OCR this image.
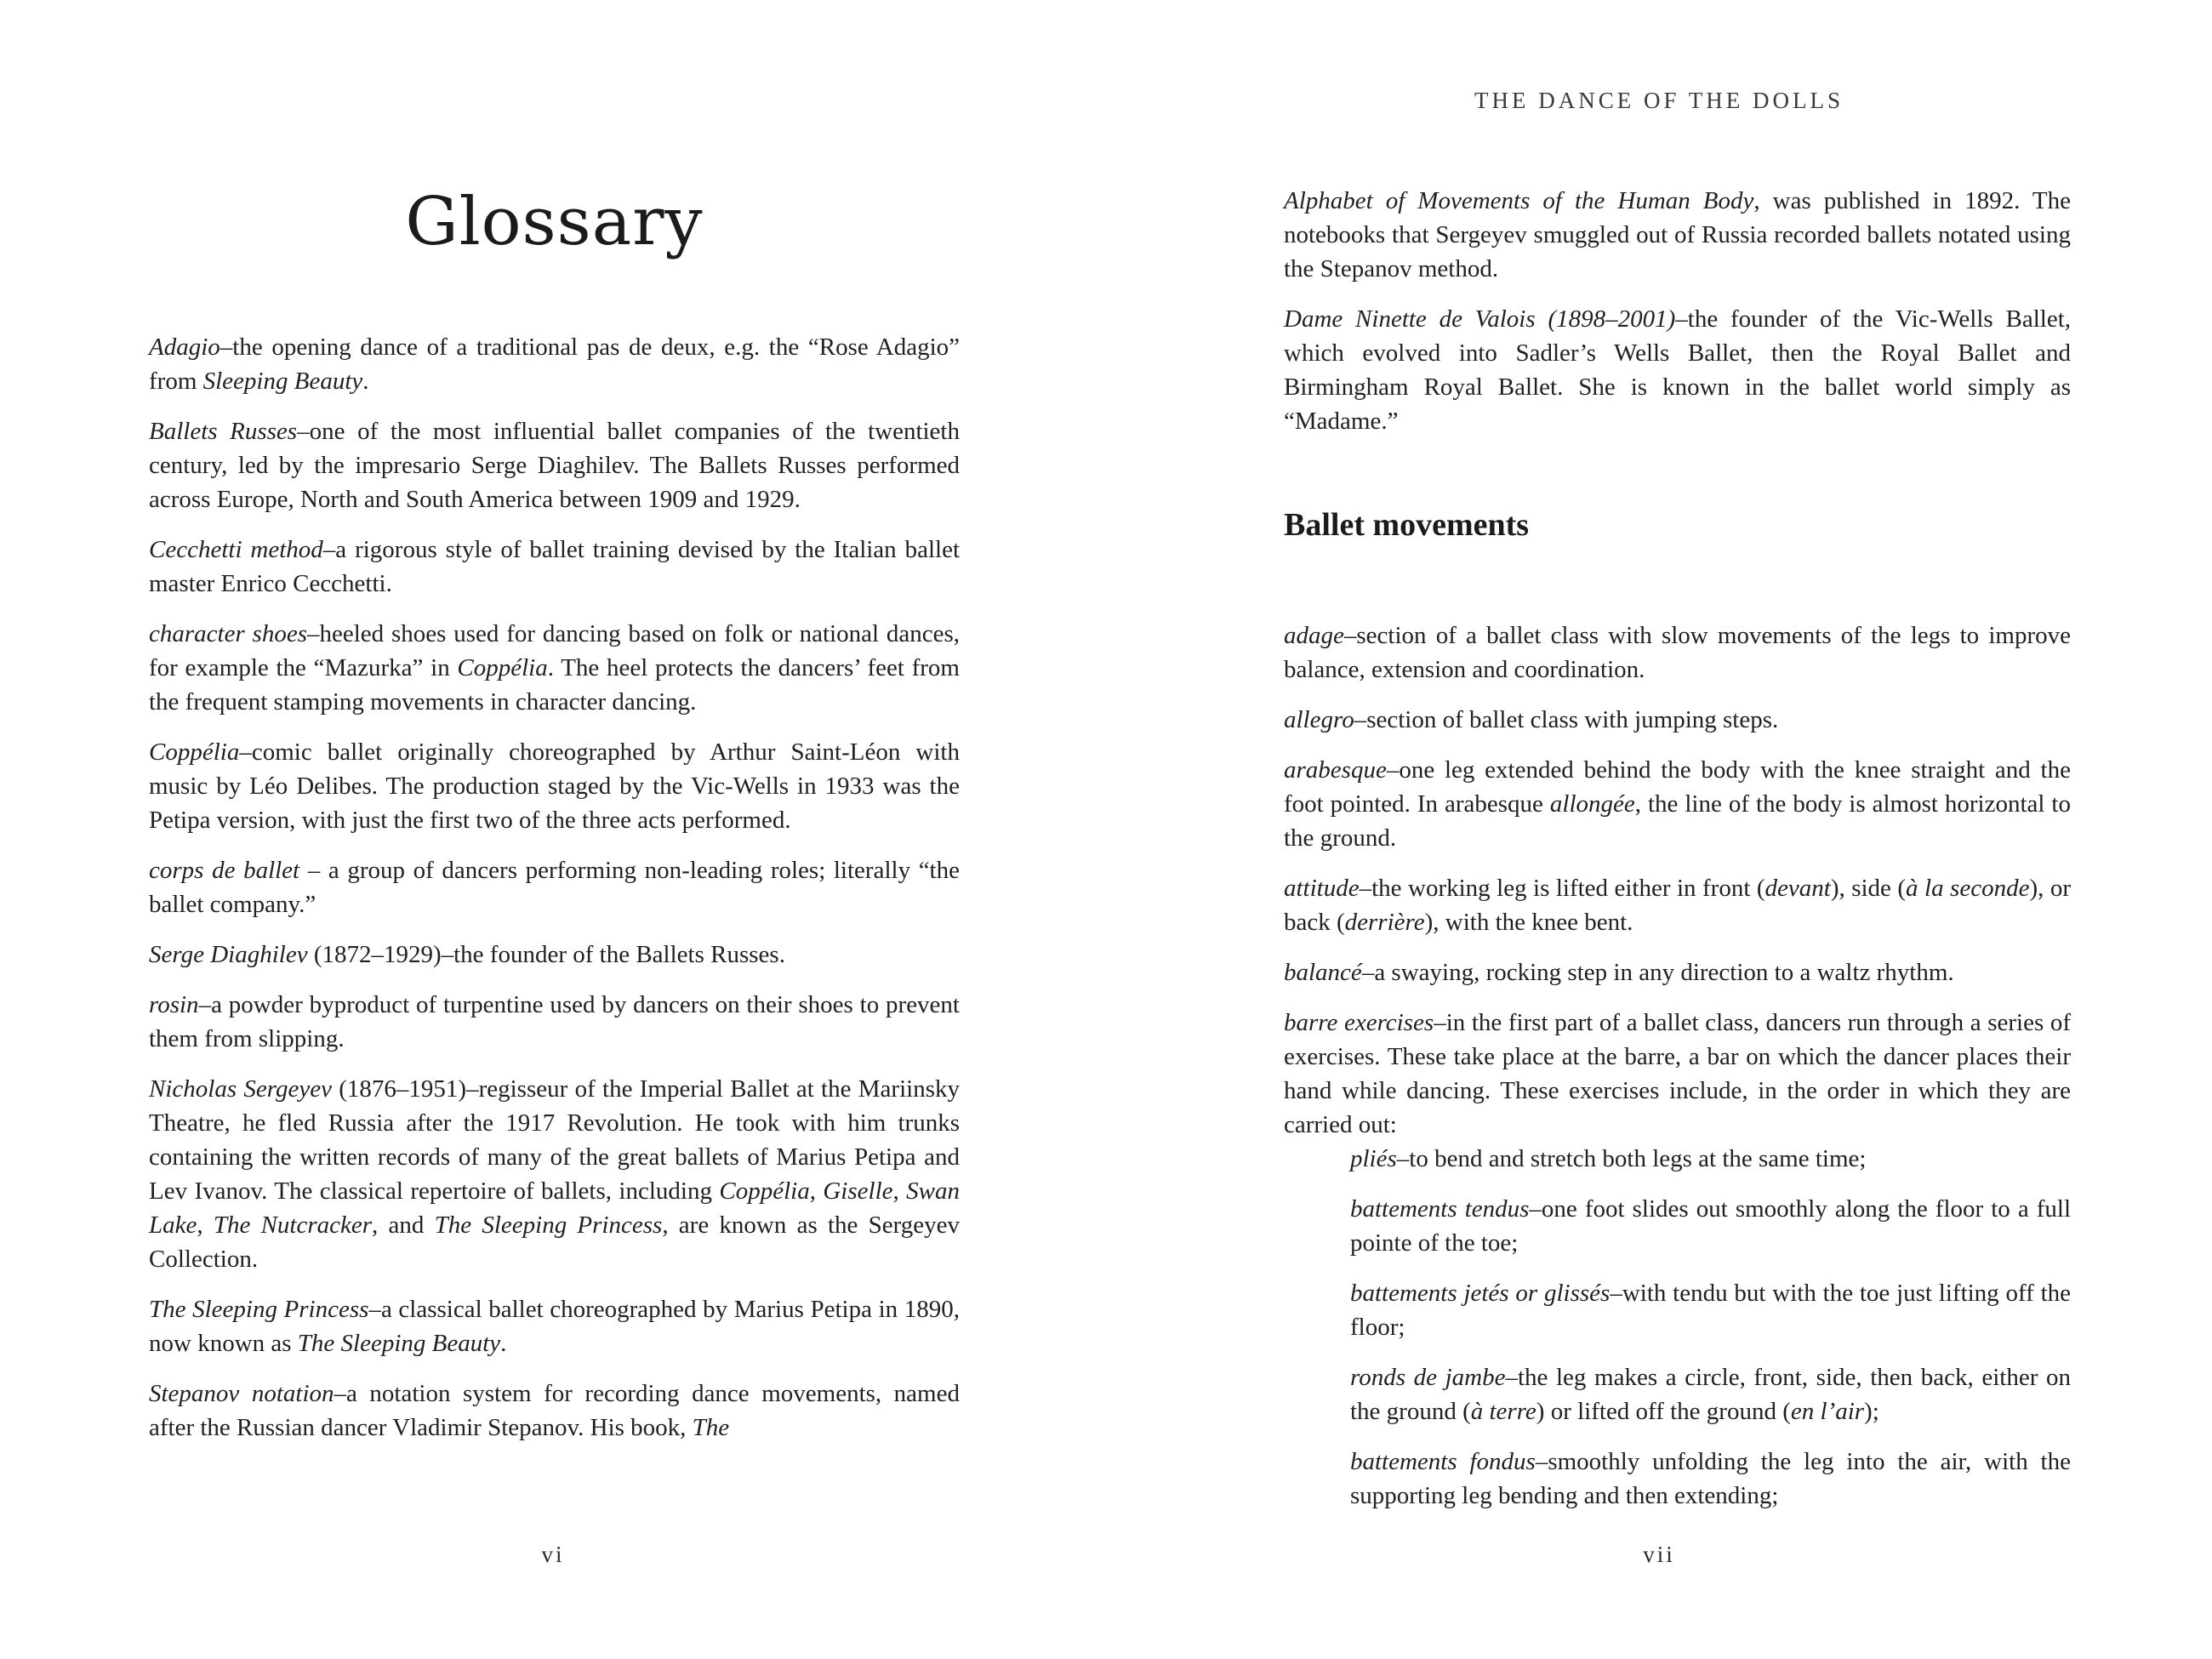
Glossary

Adagio–the opening dance of a traditional pas de deux, e.g. the “Rose Adagio” from Sleeping Beauty.

Ballets Russes–one of the most influential ballet companies of the twentieth century, led by the impresario Serge Diaghilev. The Ballets Russes performed across Europe, North and South America between 1909 and 1929.

Cecchetti method–a rigorous style of ballet training devised by the Italian ballet master Enrico Cecchetti.

character shoes–heeled shoes used for dancing based on folk or national dances, for example the “Mazurka” in Coppélia. The heel protects the dancers’ feet from the frequent stamping movements in character dancing.

Coppélia–comic ballet originally choreographed by Arthur Saint-Léon with music by Léo Delibes. The production staged by the Vic-Wells in 1933 was the Petipa version, with just the first two of the three acts performed.

corps de ballet – a group of dancers performing non-leading roles; literally “the ballet company.”

Serge Diaghilev (1872–1929)–the founder of the Ballets Russes.

rosin–a powder byproduct of turpentine used by dancers on their shoes to prevent them from slipping.

Nicholas Sergeyev (1876–1951)–regisseur of the Imperial Ballet at the Mariinsky Theatre, he fled Russia after the 1917 Revolution. He took with him trunks containing the written records of many of the great ballets of Marius Petipa and Lev Ivanov. The classical repertoire of ballets, including Coppélia, Giselle, Swan Lake, The Nutcracker, and The Sleeping Princess, are known as the Sergeyev Collection.

The Sleeping Princess–a classical ballet choreographed by Marius Petipa in 1890, now known as The Sleeping Beauty.

Stepanov notation–a notation system for recording dance movements, named after the Russian dancer Vladimir Stepanov. His book, The

vi
THE DANCE OF THE DOLLS

Alphabet of Movements of the Human Body, was published in 1892. The notebooks that Sergeyev smuggled out of Russia recorded ballets notated using the Stepanov method.

Dame Ninette de Valois (1898–2001)–the founder of the Vic-Wells Ballet, which evolved into Sadler’s Wells Ballet, then the Royal Ballet and Birmingham Royal Ballet. She is known in the ballet world simply as “Madame.”

Ballet movements

adage–section of a ballet class with slow movements of the legs to improve balance, extension and coordination.

allegro–section of ballet class with jumping steps.

arabesque–one leg extended behind the body with the knee straight and the foot pointed. In arabesque allongée, the line of the body is almost horizontal to the ground.

attitude–the working leg is lifted either in front (devant), side (à la seconde), or back (derrière), with the knee bent.

balancé–a swaying, rocking step in any direction to a waltz rhythm.

barre exercises–in the first part of a ballet class, dancers run through a series of exercises. These take place at the barre, a bar on which the dancer places their hand while dancing. These exercises include, in the order in which they are carried out:

pliés–to bend and stretch both legs at the same time;

battements tendus–one foot slides out smoothly along the floor to a full pointe of the toe;

battements jetés or glissés–with tendu but with the toe just lifting off the floor;

ronds de jambe–the leg makes a circle, front, side, then back, either on the ground (à terre) or lifted off the ground (en l’air);

battements fondus–smoothly unfolding the leg into the air, with the supporting leg bending and then extending;

vii
